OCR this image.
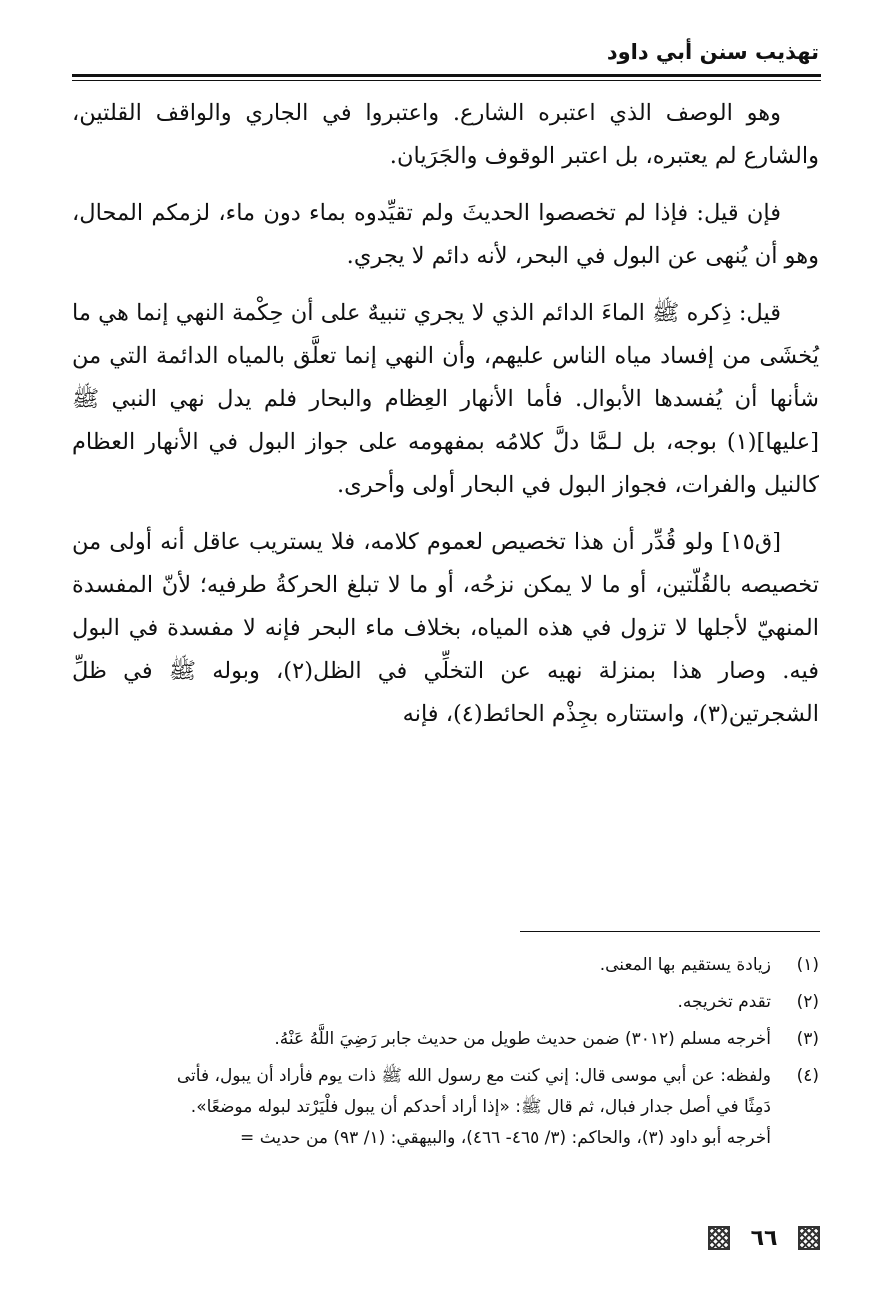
تهذيب سنن أبي داود

وهو الوصف الذي اعتبره الشارع. واعتبروا في الجاري والواقف القلتين، والشارع لم يعتبره، بل اعتبر الوقوف والجَرَيان.

فإن قيل: فإذا لم تخصصوا الحديثَ ولم تقيِّدوه بماء دون ماء، لزمكم المحال، وهو أن يُنهى عن البول في البحر، لأنه دائم لا يجري.

قيل: ذِكره ﷺ الماءَ الدائم الذي لا يجري تنبيهٌ على أن حِكْمة النهي إنما هي ما يُخشَى من إفساد مياه الناس عليهم، وأن النهي إنما تعلَّق بالمياه الدائمة التي من شأنها أن يُفسدها الأبوال. فأما الأنهار العِظام والبحار فلم يدل نهي النبي ﷺ [عليها](١) بوجه، بل لـمَّا دلَّ كلامُه بمفهومه على جواز البول في الأنهار العظام كالنيل والفرات، فجواز البول في البحار أولى وأحرى.

[ق١٥] ولو قُدِّر أن هذا تخصيص لعموم كلامه، فلا يستريب عاقل أنه أولى من تخصيصه بالقُلّتين، أو ما لا يمكن نزحُه، أو ما لا تبلغ الحركةُ طرفيه؛ لأنّ المفسدة المنهيّ لأجلها لا تزول في هذه المياه، بخلاف ماء البحر فإنه لا مفسدة في البول فيه. وصار هذا بمنزلة نهيه عن التخلِّي في الظل(٢)، وبوله ﷺ في ظلِّ الشجرتين(٣)، واستتاره بجِذْم الحائط(٤)، فإنه

(١)
زيادة يستقيم بها المعنى.
(٢)
تقدم تخريجه.
(٣)
أخرجه مسلم (٣٠١٢) ضمن حديث طويل من حديث جابر رَضِيَ اللَّهُ عَنْهُ.
(٤)
ولفظه: عن أبي موسى قال: إني كنت مع رسول الله ﷺ ذات يوم فأراد أن يبول، فأتى
دَمِثًا في أصل جدار فبال، ثم قال ﷺ: «إذا أراد أحدكم أن يبول فلْيَرْتد لبوله موضعًا».
أخرجه أبو داود (٣)، والحاكم: (٣/ ٤٦٥- ٤٦٦)، والبيهقي: (١/ ٩٣) من حديث =
٦٦
